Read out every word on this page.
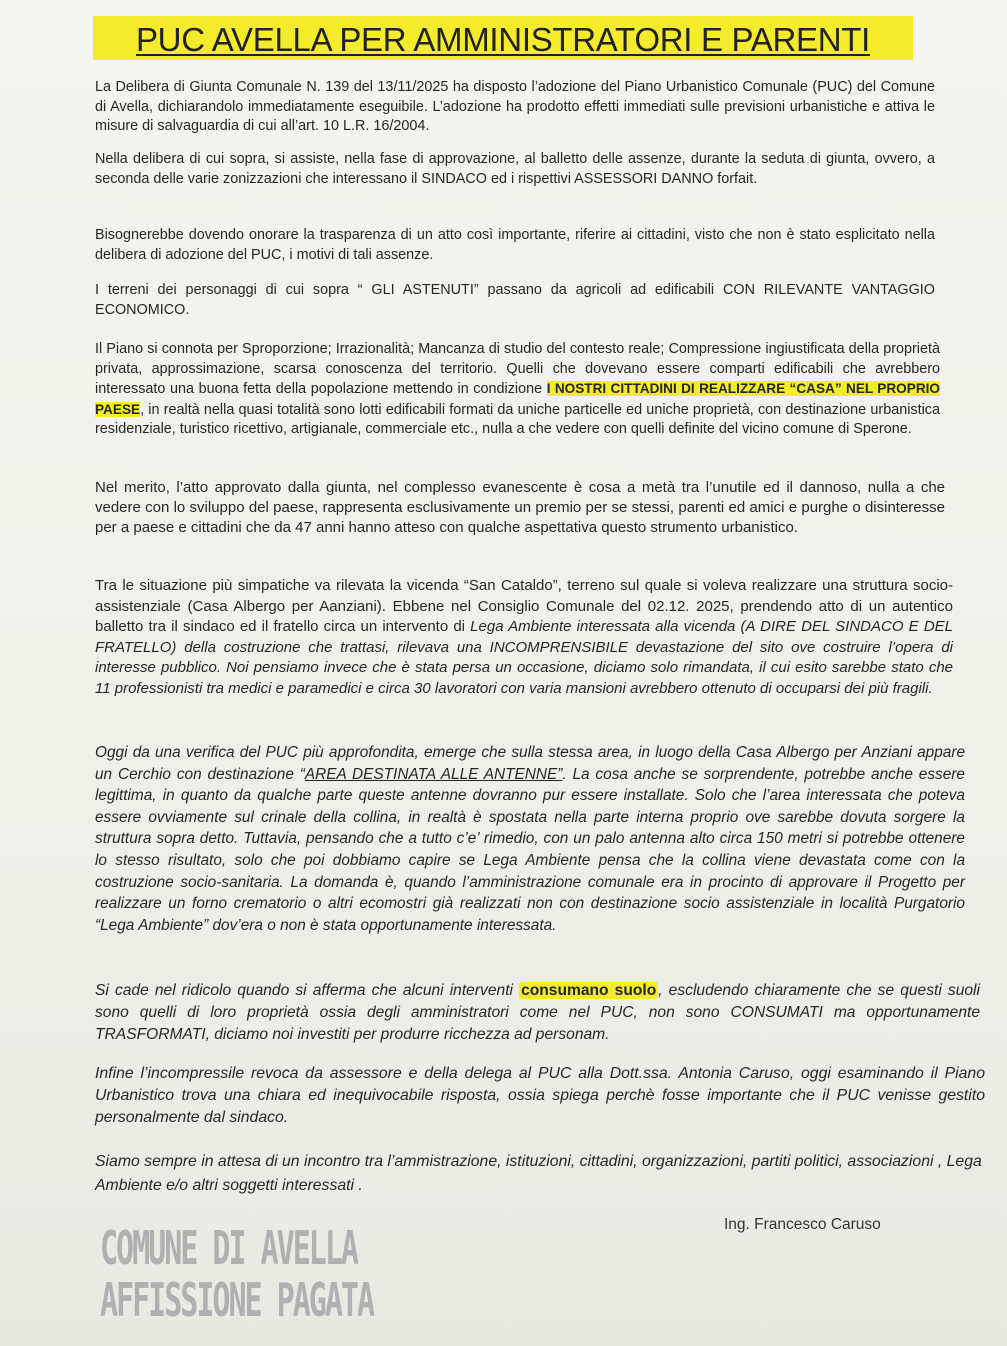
PUC AVELLA PER AMMINISTRATORI E PARENTI

La Delibera di Giunta Comunale N. 139 del 13/11/2025 ha disposto l’adozione del Piano Urbanistico Comunale (PUC) del Comune di Avella, dichiarandolo immediatamente eseguibile. L’adozione ha prodotto effetti immediati sulle previsioni urbanistiche e attiva le misure di salvaguardia di cui all’art. 10 L.R. 16/2004.

Nella delibera di cui sopra, si assiste, nella fase di approvazione, al balletto delle assenze, durante la seduta di giunta, ovvero, a seconda delle varie zonizzazioni che interessano il SINDACO ed i rispettivi ASSESSORI DANNO forfait.

Bisognerebbe dovendo onorare la trasparenza di un atto così importante, riferire ai cittadini, visto che non è stato esplicitato nella delibera di adozione del PUC, i motivi di tali assenze.

I terreni dei personaggi di cui sopra “ GLI ASTENUTI” passano da agricoli ad edificabili CON RILEVANTE VANTAGGIO ECONOMICO.

Il Piano si connota per Sproporzione; Irrazionalità; Mancanza di studio del contesto reale; Compressione ingiustificata della proprietà privata, approssimazione, scarsa conoscenza del territorio. Quelli che dovevano essere comparti edificabili che avrebbero interessato una buona fetta della popolazione mettendo in condizione I NOSTRI CITTADINI DI REALIZZARE “CASA” NEL PROPRIO PAESE, in realtà nella quasi totalità sono lotti edificabili formati da uniche particelle ed uniche proprietà, con destinazione urbanistica residenziale, turistico ricettivo, artigianale, commerciale etc., nulla a che vedere con quelli definite del vicino comune di Sperone.

Nel merito, l’atto approvato dalla giunta, nel complesso evanescente è cosa a metà tra l’unutile ed il dannoso, nulla a che vedere con lo sviluppo del paese, rappresenta esclusivamente un premio per se stessi, parenti ed amici e purghe o disinteresse per a paese e cittadini che da 47 anni hanno atteso con qualche aspettativa questo strumento urbanistico.

Tra le situazione più simpatiche va rilevata la vicenda “San Cataldo”, terreno sul quale si voleva realizzare una struttura socio-assistenziale (Casa Albergo per Aanziani). Ebbene nel Consiglio Comunale del 02.12. 2025, prendendo atto di un autentico balletto tra il sindaco ed il fratello circa un intervento di Lega Ambiente interessata alla vicenda (A DIRE DEL SINDACO E DEL FRATELLO) della costruzione che trattasi, rilevava una INCOMPRENSIBILE devastazione del sito ove costruire l’opera di interesse pubblico. Noi pensiamo invece che è stata persa un occasione, diciamo solo rimandata, il cui esito sarebbe stato che 11 professionisti tra medici e paramedici e circa 30 lavoratori con varia mansioni avrebbero ottenuto di occuparsi dei più fragili.

Oggi da una verifica del PUC più approfondita, emerge che sulla stessa area, in luogo della Casa Albergo per Anziani appare un Cerchio con destinazione “AREA DESTINATA ALLE ANTENNE”. La cosa anche se sorprendente, potrebbe anche essere legittima, in quanto da qualche parte queste antenne dovranno pur essere installate. Solo che l’area interessata che poteva essere ovviamente sul crinale della collina, in realtà è spostata nella parte interna proprio ove sarebbe dovuta sorgere la struttura sopra detto. Tuttavia, pensando che a tutto c’e’ rimedio, con un palo antenna alto circa 150 metri si potrebbe ottenere lo stesso risultato, solo che poi dobbiamo capire se Lega Ambiente pensa che la collina viene devastata come con la costruzione socio-sanitaria. La domanda è, quando l’amministrazione comunale era in procinto di approvare il Progetto per realizzare un forno crematorio o altri ecomostri già realizzati non con destinazione socio assistenziale in località Purgatorio “Lega Ambiente” dov’era o non è stata opportunamente interessata.

Si cade nel ridicolo quando si afferma che alcuni interventi consumano suolo , escludendo chiaramente che se questi suoli sono quelli di loro proprietà ossia degli amministratori come nel PUC, non sono CONSUMATI ma opportunamente TRASFORMATI, diciamo noi investiti per produrre ricchezza ad personam.

Infine l’incompressile revoca da assessore e della delega al PUC alla Dott.ssa. Antonia Caruso, oggi esaminando il Piano Urbanistico trova una chiara ed inequivocabile risposta, ossia spiega perchè fosse importante che il PUC venisse gestito personalmente dal sindaco.

Siamo sempre in attesa di un incontro tra l’ammistrazione, istituzioni, cittadini, organizzazioni, partiti politici, associazioni , Lega Ambiente e/o altri soggetti interessati .

Ing. Francesco Caruso
COMUNE DI AVELLA
AFFISSIONE PAGATA
